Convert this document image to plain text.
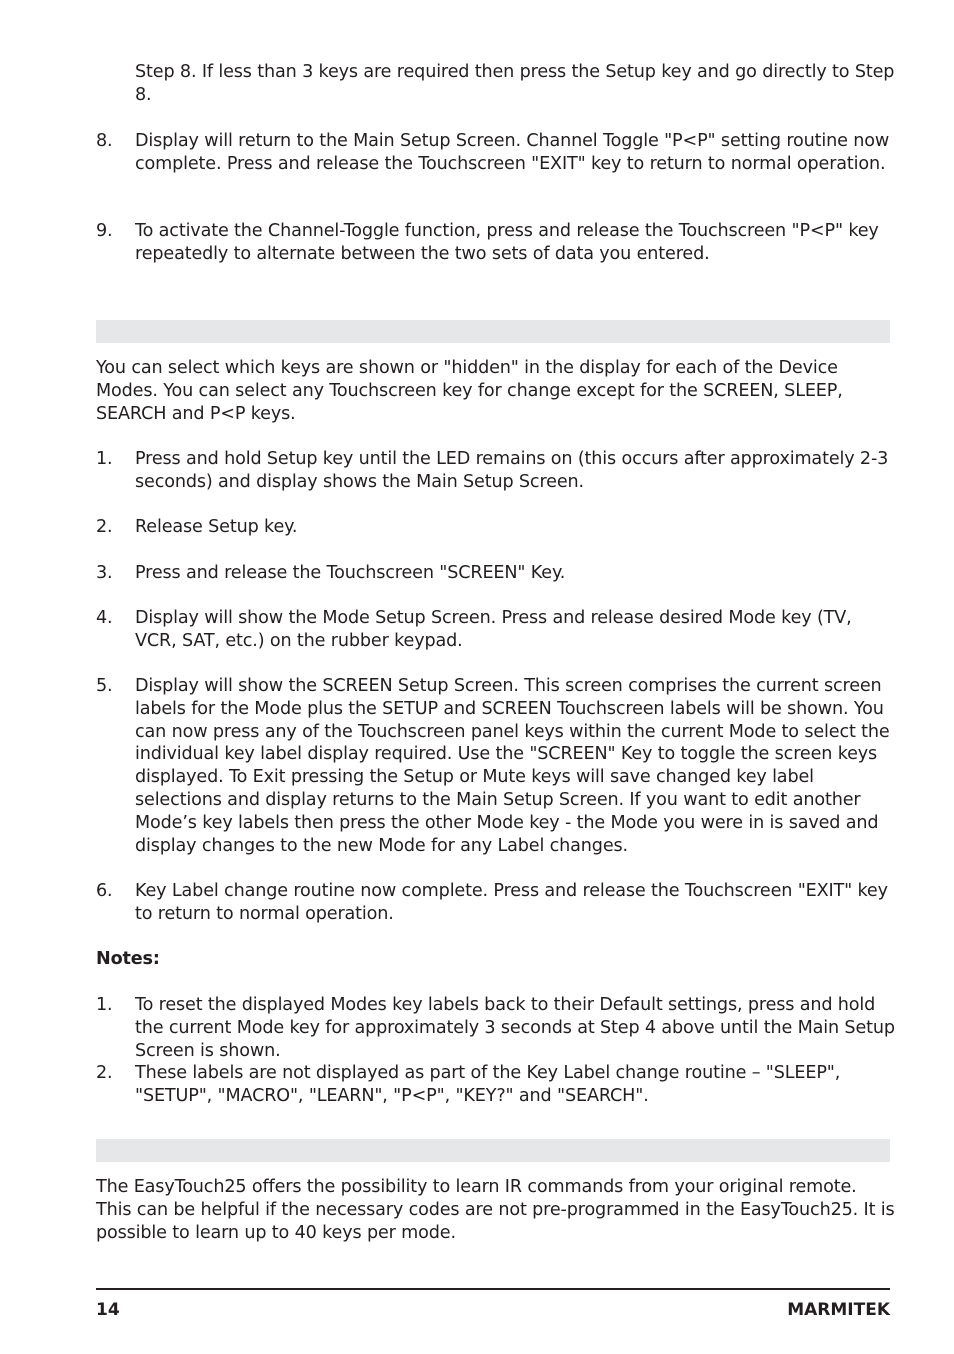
Step 8. If less than 3 keys are required then press the Setup key and go directly to Step 8.

8.	Display will return to the Main Setup Screen. Channel Toggle "P<P" setting routine now complete. Press and release the Touchscreen "EXIT" key to return to normal operation.

9.	To activate the Channel-Toggle function, press and release the Touchscreen "P<P" key repeatedly to alternate between the two sets of data you entered.

You can select which keys are shown or "hidden" in the display for each of the Device Modes. You can select any Touchscreen key for change except for the SCREEN, SLEEP, SEARCH and P<P keys.

1.	Press and hold Setup key until the LED remains on (this occurs after approximately 2-3 seconds) and display shows the Main Setup Screen.

2.	Release Setup key.

3.	Press and release the Touchscreen "SCREEN" Key.

4.	Display will show the Mode Setup Screen. Press and release desired Mode key (TV, VCR, SAT, etc.) on the rubber keypad.

5.	Display will show the SCREEN Setup Screen. This screen comprises the current screen labels for the Mode plus the SETUP and SCREEN Touchscreen labels will be shown. You can now press any of the Touchscreen panel keys within the current Mode to select the individual key label display required. Use the "SCREEN" Key to toggle the screen keys displayed. To Exit pressing the Setup or Mute keys will save changed key label selections and display returns to the Main Setup Screen. If you want to edit another Mode’s key labels then press the other Mode key - the Mode you were in is saved and display changes to the new Mode for any Label changes.

6.	Key Label change routine now complete. Press and release the Touchscreen "EXIT" key to return to normal operation.

Notes:

1.	To reset the displayed Modes key labels back to their Default settings, press and hold the current Mode key for approximately 3 seconds at Step 4 above until the Main Setup Screen is shown.

2.	These labels are not displayed as part of the Key Label change routine – "SLEEP", "SETUP", "MACRO", "LEARN", "P<P", "KEY?" and "SEARCH".

The EasyTouch25 offers the possibility to learn IR commands from your original remote. This can be helpful if the necessary codes are not pre-programmed in the EasyTouch25. It is possible to learn up to 40 keys per mode.

14	MARMITEK
